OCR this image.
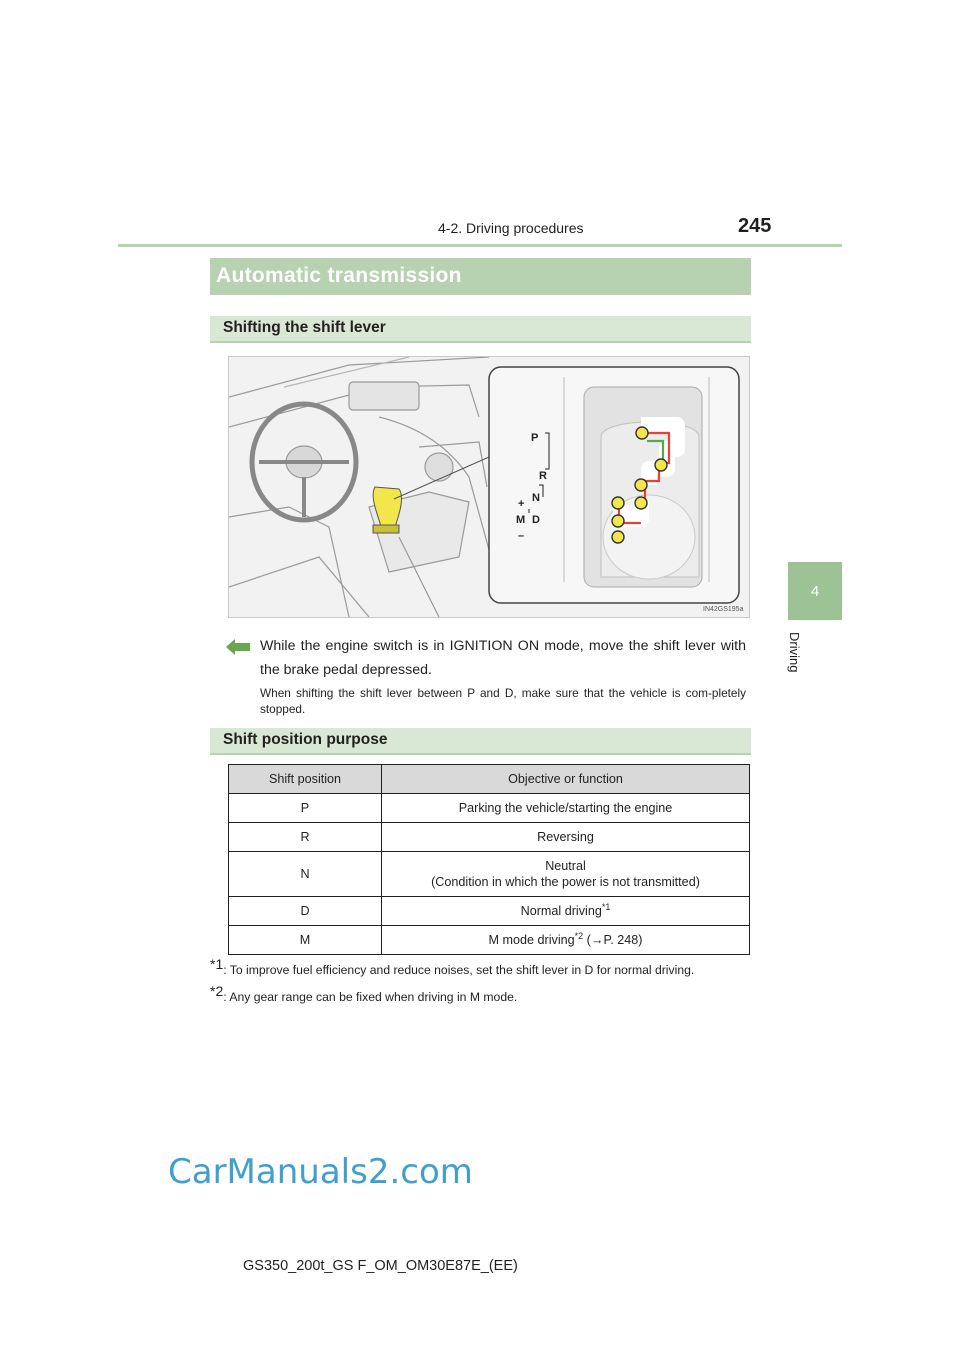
4-2. Driving procedures	245
4
Driving
Automatic transmission
Shifting the shift lever
P
R
N
D
M
+
–
IN42GS195a
While the engine switch is in IGNITION ON mode, move the shift lever with the brake pedal depressed.
When shifting the shift lever between P and D, make sure that the vehicle is com-pletely stopped.
Shift position purpose
Shift position	Objective or function
P	Parking the vehicle/starting the engine
R	Reversing
N	Neutral
(Condition in which the power is not transmitted)

D	Normal driving$^{*1}$
M	M mode driving$^{*2}$ (→P. 248)
$^{*1}$: To improve fuel efficiency and reduce noises, set the shift lever in D for normal driving.
$^{*2}$: Any gear range can be fixed when driving in M mode.
CarManuals2.com
GS350_200t_GS F_OM_OM30E87E_(EE)
